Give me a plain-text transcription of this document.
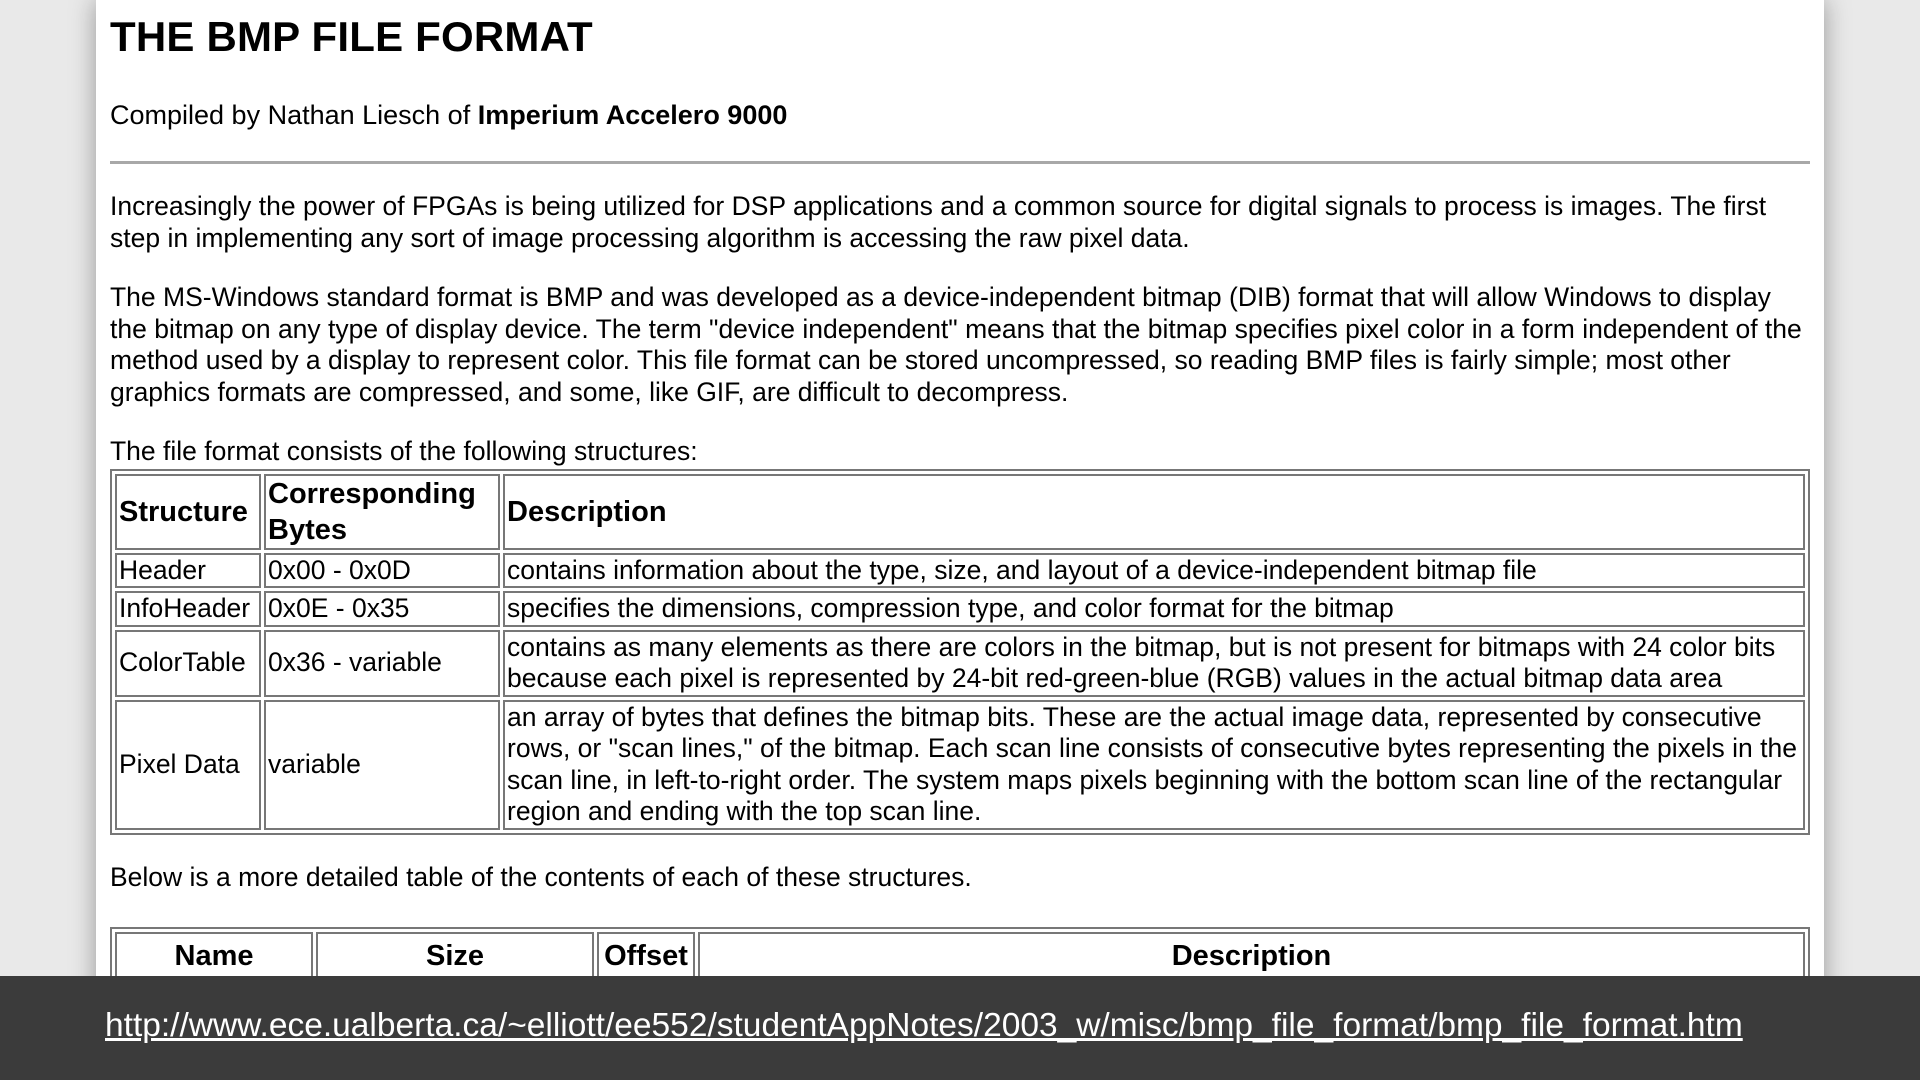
THE BMP FILE FORMAT
Compiled by Nathan Liesch of Imperium Accelero 9000

Increasingly the power of FPGAs is being utilized for DSP applications and a common source for digital signals to process is images. The first step in implementing any sort of image processing algorithm is accessing the raw pixel data.

The MS-Windows standard format is BMP and was developed as a device-independent bitmap (DIB) format that will allow Windows to display the bitmap on any type of display device. The term "device independent" means that the bitmap specifies pixel color in a form independent of the method used by a display to represent color. This file format can be stored uncompressed, so reading BMP files is fairly simple; most other graphics formats are compressed, and some, like GIF, are difficult to decompress.

The file format consists of the following structures:

Structure	Corresponding Bytes	Description
Header	0x00 - 0x0D	contains information about the type, size, and layout of a device-independent bitmap file
InfoHeader	0x0E - 0x35	specifies the dimensions, compression type, and color format for the bitmap
ColorTable	0x36 - variable	contains as many elements as there are colors in the bitmap, but is not present for bitmaps with 24 color bits because each pixel is represented by 24-bit red-green-blue (RGB) values in the actual bitmap data area
Pixel Data	variable	an array of bytes that defines the bitmap bits. These are the actual image data, represented by consecutive rows, or "scan lines," of the bitmap. Each scan line consists of consecutive bytes representing the pixels in the scan line, in left-to-right order. The system maps pixels beginning with the bottom scan line of the rectangular region and ending with the top scan line.

Below is a more detailed table of the contents of each of these structures.

Name	Size	Offset	Description
http://www.ece.ualberta.ca/~elliott/ee552/studentAppNotes/2003_w/misc/bmp_file_format/bmp_file_format.htm
